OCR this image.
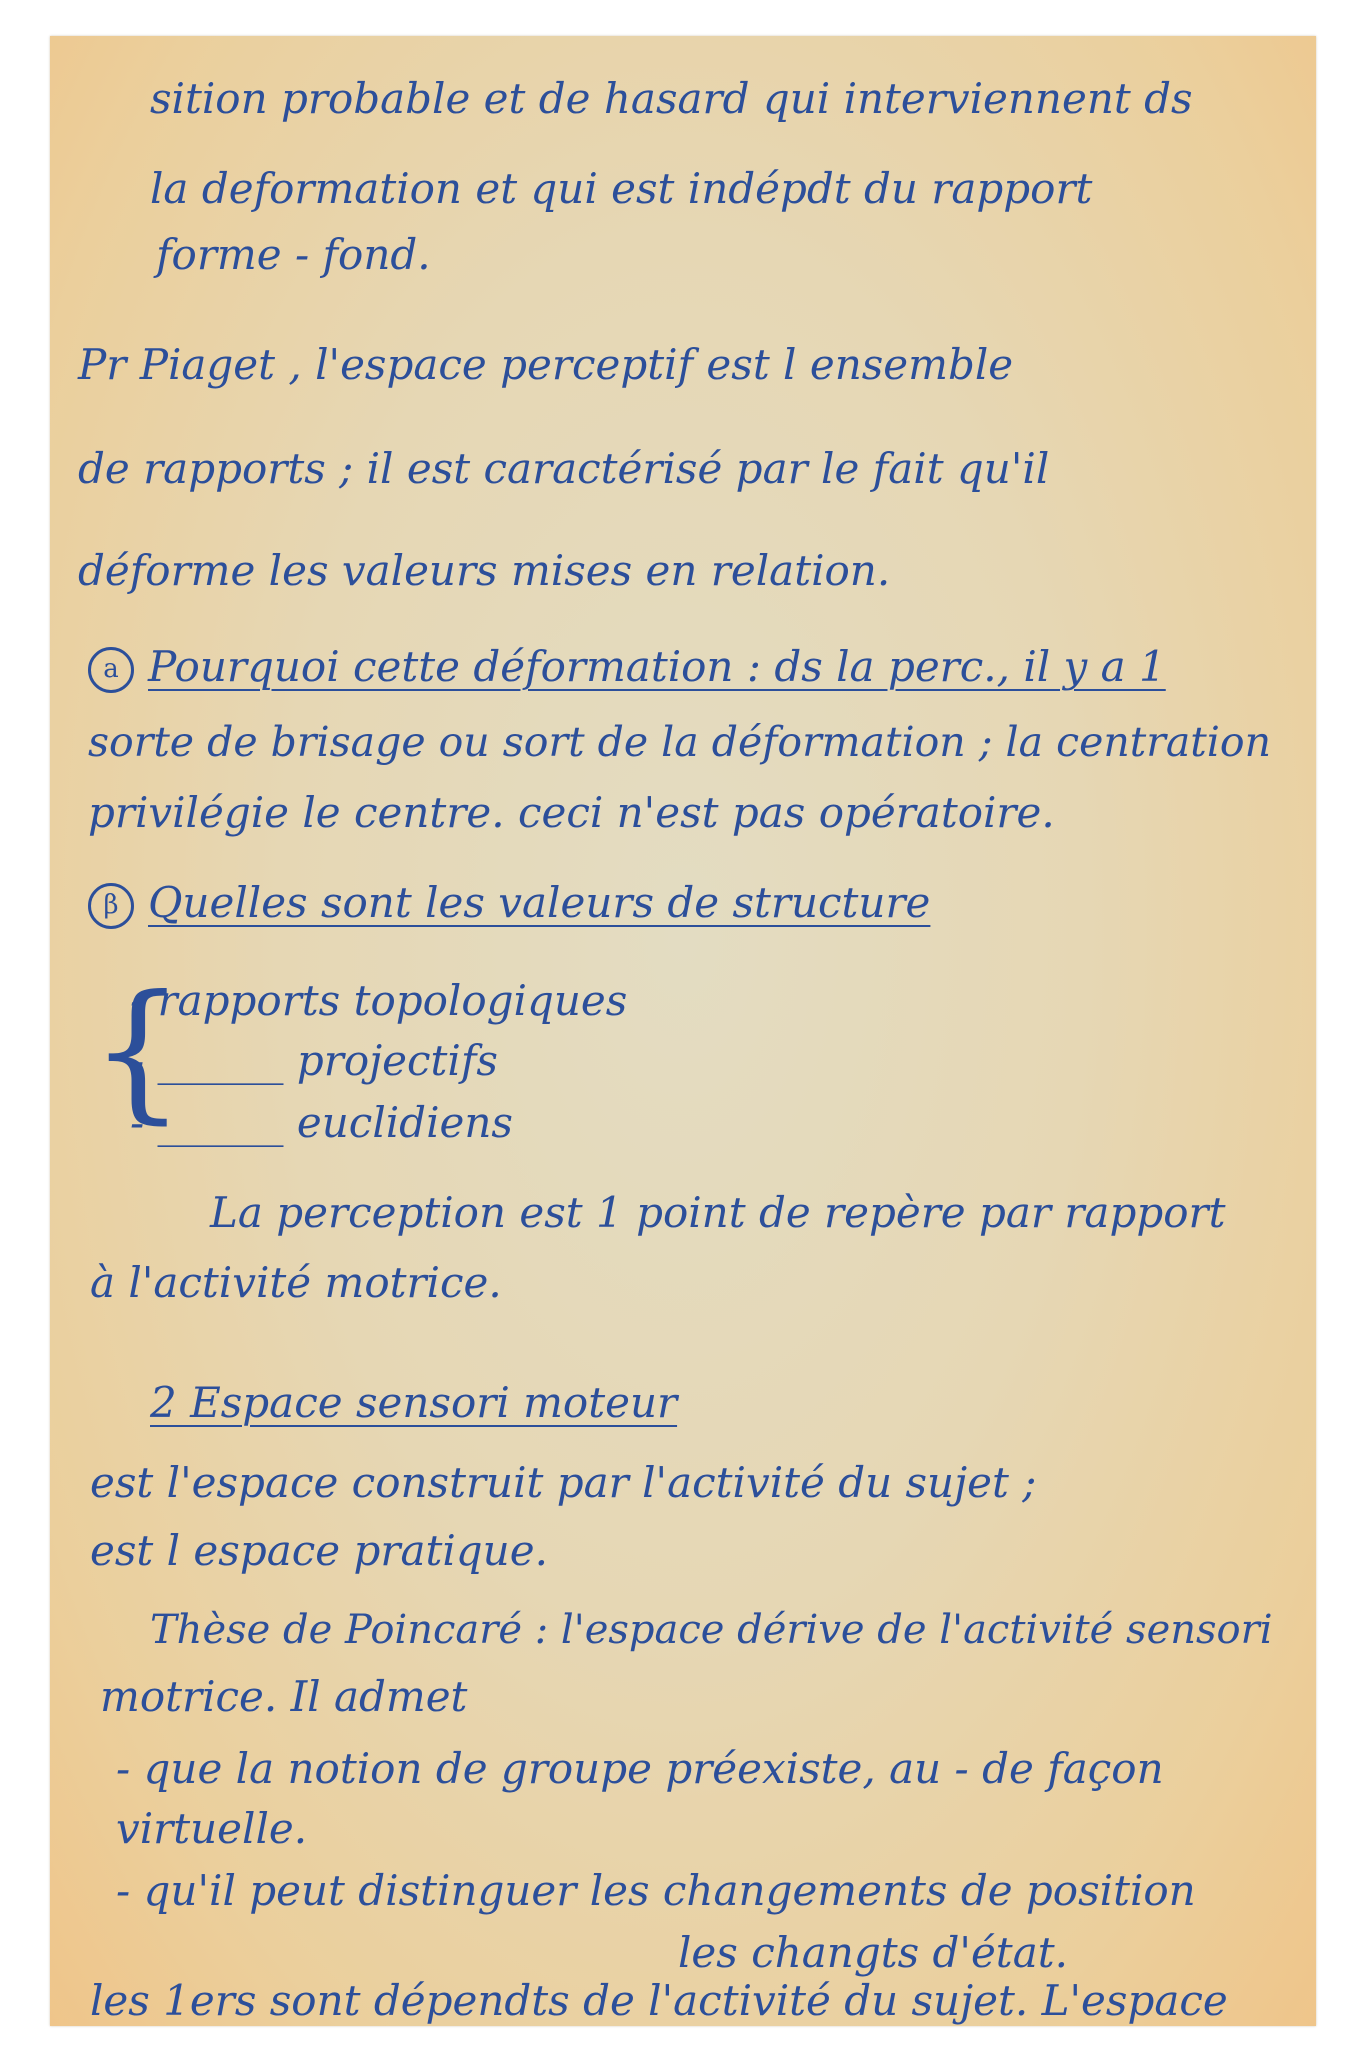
sition probable et de hasard qui interviennent ds
la deformation et qui est indépdt du rapport
forme - fond.
Pr Piaget , l'espace perceptif est l ensemble
de rapports ; il est caractérisé par le fait qu'il
déforme les valeurs mises en relation.
a Pourquoi cette déformation : ds la perc., il y a 1
sorte de brisage ou sort de la déformation ; la centration
privilégie le centre. ceci n'est pas opératoire.
β Quelles sont les valeurs de structure
{
- rapports topologiques
- ______ projectifs
- ______ euclidiens
La perception est 1 point de repère par rapport
à l'activité motrice.
2 Espace sensori moteur
est l'espace construit par l'activité du sujet ;
est l espace pratique.
Thèse de Poincaré : l'espace dérive de l'activité sensori
motrice. Il admet
- que la notion de groupe préexiste, au - de façon
virtuelle.
- qu'il peut distinguer les changements de position
les changts d'état.
les 1ers sont dépendts de l'activité du sujet. L'espace
